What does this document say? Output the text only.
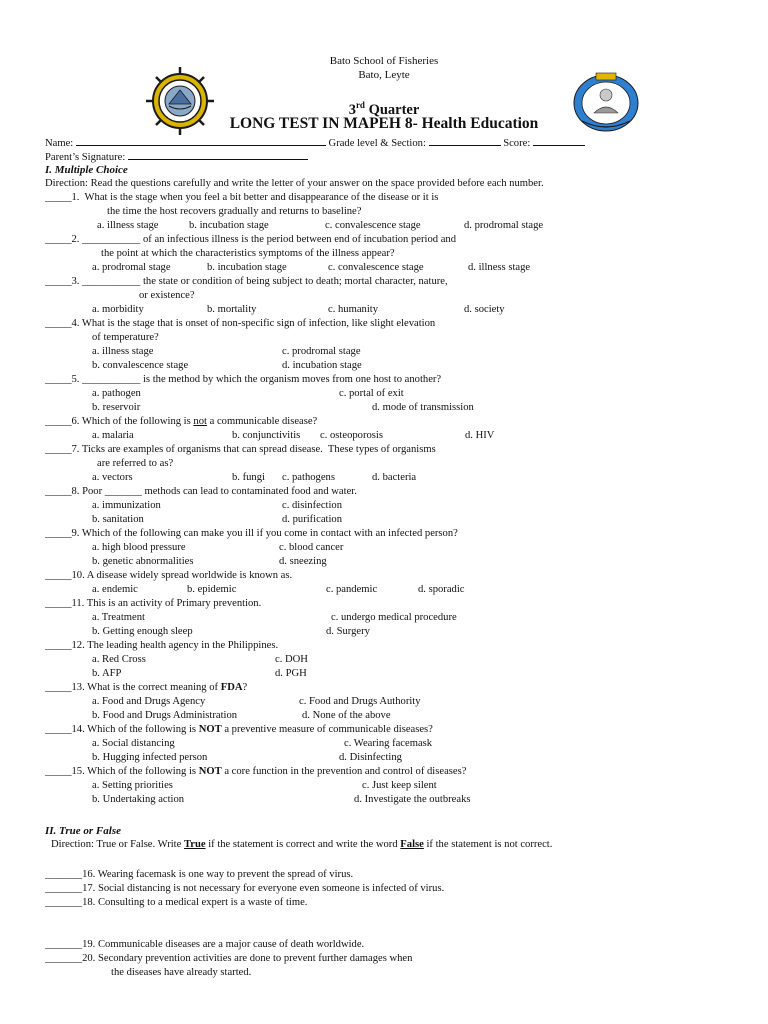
Bato School of Fisheries
Bato, Leyte
3rd Quarter
LONG TEST IN MAPEH 8- Health Education
Name:	Grade level & Section:	Score:
Parent’s Signature:
I. Multiple Choice
Direction: Read the questions carefully and write the letter of your answer on the space provided before each number.
_____1.  What is the stage when you feel a bit better and disappearance of the disease or it is
the time the host recovers gradually and returns to baseline?
a. illness stage	b. incubation stage	c. convalescence stage	d. prodromal stage
_____2. ___________ of an infectious illness is the period between end of incubation period and
the point at which the characteristics symptoms of the illness appear?
a. prodromal stage	b. incubation stage	c. convalescence stage	d. illness stage
_____3. ___________ the state or condition of being subject to death; mortal character, nature,
or existence?
a. morbidity	b. mortality	c. humanity	d. society
_____4. What is the stage that is onset of non-specific sign of infection, like slight elevation
of temperature?
a. illness stage	c. prodromal stage
b. convalescence stage	d. incubation stage
_____5. ___________ is the method by which the organism moves from one host to another?
a. pathogen	c. portal of exit
b. reservoir	d. mode of transmission
_____6. Which of the following is not a communicable disease?
a. malaria	b. conjunctivitis c. osteoporosis	d. HIV
_____7. Ticks are examples of organisms that can spread disease.  These types of organisms
are referred to as?
a. vectors	b. fungi c. pathogens	d. bacteria
_____8. Poor _______ methods can lead to contaminated food and water.
a. immunization	c. disinfection
b. sanitation	d. purification
_____9. Which of the following can make you ill if you come in contact with an infected person?
a. high blood pressure	c. blood cancer
b. genetic abnormalities	d. sneezing
_____10. A disease widely spread worldwide is known as.
a. endemic	b. epidemic	c. pandemic	d. sporadic
_____11. This is an activity of Primary prevention.
a. Treatment	c. undergo medical procedure
b. Getting enough sleep	d. Surgery
_____12. The leading health agency in the Philippines.
a. Red Cross	c. DOH
b. AFP	d. PGH
_____13. What is the correct meaning of FDA?
a. Food and Drugs Agency	c. Food and Drugs Authority
b. Food and Drugs Administration	d. None of the above
_____14. Which of the following is NOT a preventive measure of communicable diseases?
a. Social distancing	c. Wearing facemask
b. Hugging infected person	d. Disinfecting
_____15. Which of the following is NOT a core function in the prevention and control of diseases?
a. Setting priorities	c. Just keep silent
b. Undertaking action	d. Investigate the outbreaks
II. True or False
Direction: True or False. Write True if the statement is correct and write the word False if the statement is not correct.
_______16. Wearing facemask is one way to prevent the spread of virus.
_______17. Social distancing is not necessary for everyone even someone is infected of virus.
_______18. Consulting to a medical expert is a waste of time.
_______19. Communicable diseases are a major cause of death worldwide.
_______20. Secondary prevention activities are done to prevent further damages when
the diseases have already started.
